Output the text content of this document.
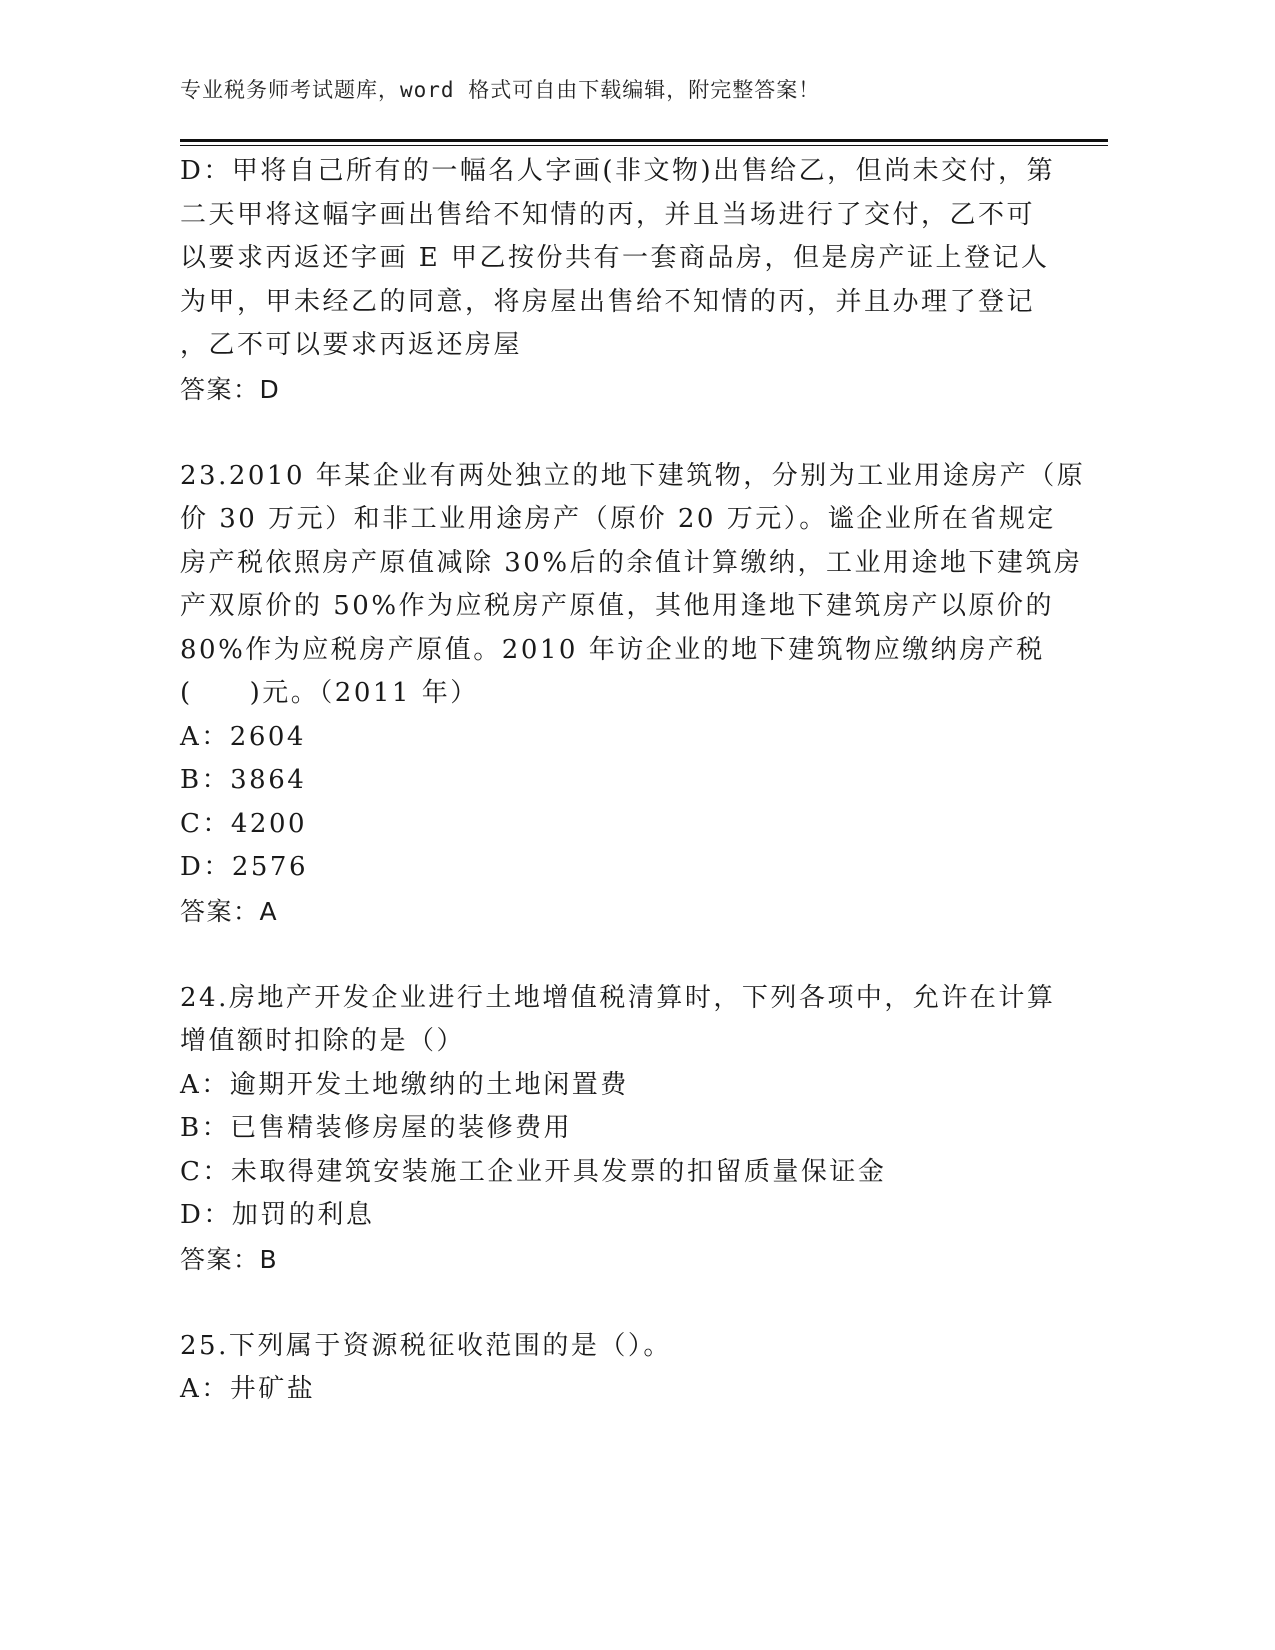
专业税务师考试题库，word 格式可自由下载编辑，附完整答案！
D：甲将自己所有的一幅名人字画(非文物)出售给乙，但尚未交付，第
二天甲将这幅字画出售给不知情的丙，并且当场进行了交付，乙不可
以要求丙返还字画 E 甲乙按份共有一套商品房，但是房产证上登记人
为甲，甲未经乙的同意，将房屋出售给不知情的丙，并且办理了登记
，乙不可以要求丙返还房屋
答案：D
23.2010 年某企业有两处独立的地下建筑物，分别为工业用途房产（原
价 30 万元）和非工业用途房产（原价 20 万元）。谧企业所在省规定
房产税依照房产原值减除 30%后的余值计算缴纳，工业用途地下建筑房
产双原价的 50%作为应税房产原值，其他用逢地下建筑房产以原价的
80%作为应税房产原值。2010 年访企业的地下建筑物应缴纳房产税
(　　)元。（2011 年）
A：2604
B：3864
C：4200
D：2576
答案：A
24.房地产开发企业进行土地增值税清算时，下列各项中，允许在计算
增值额时扣除的是（）
A：逾期开发土地缴纳的土地闲置费
B：已售精装修房屋的装修费用
C：未取得建筑安装施工企业开具发票的扣留质量保证金
D：加罚的利息
答案：B
25.下列属于资源税征收范围的是（）。
A：井矿盐
